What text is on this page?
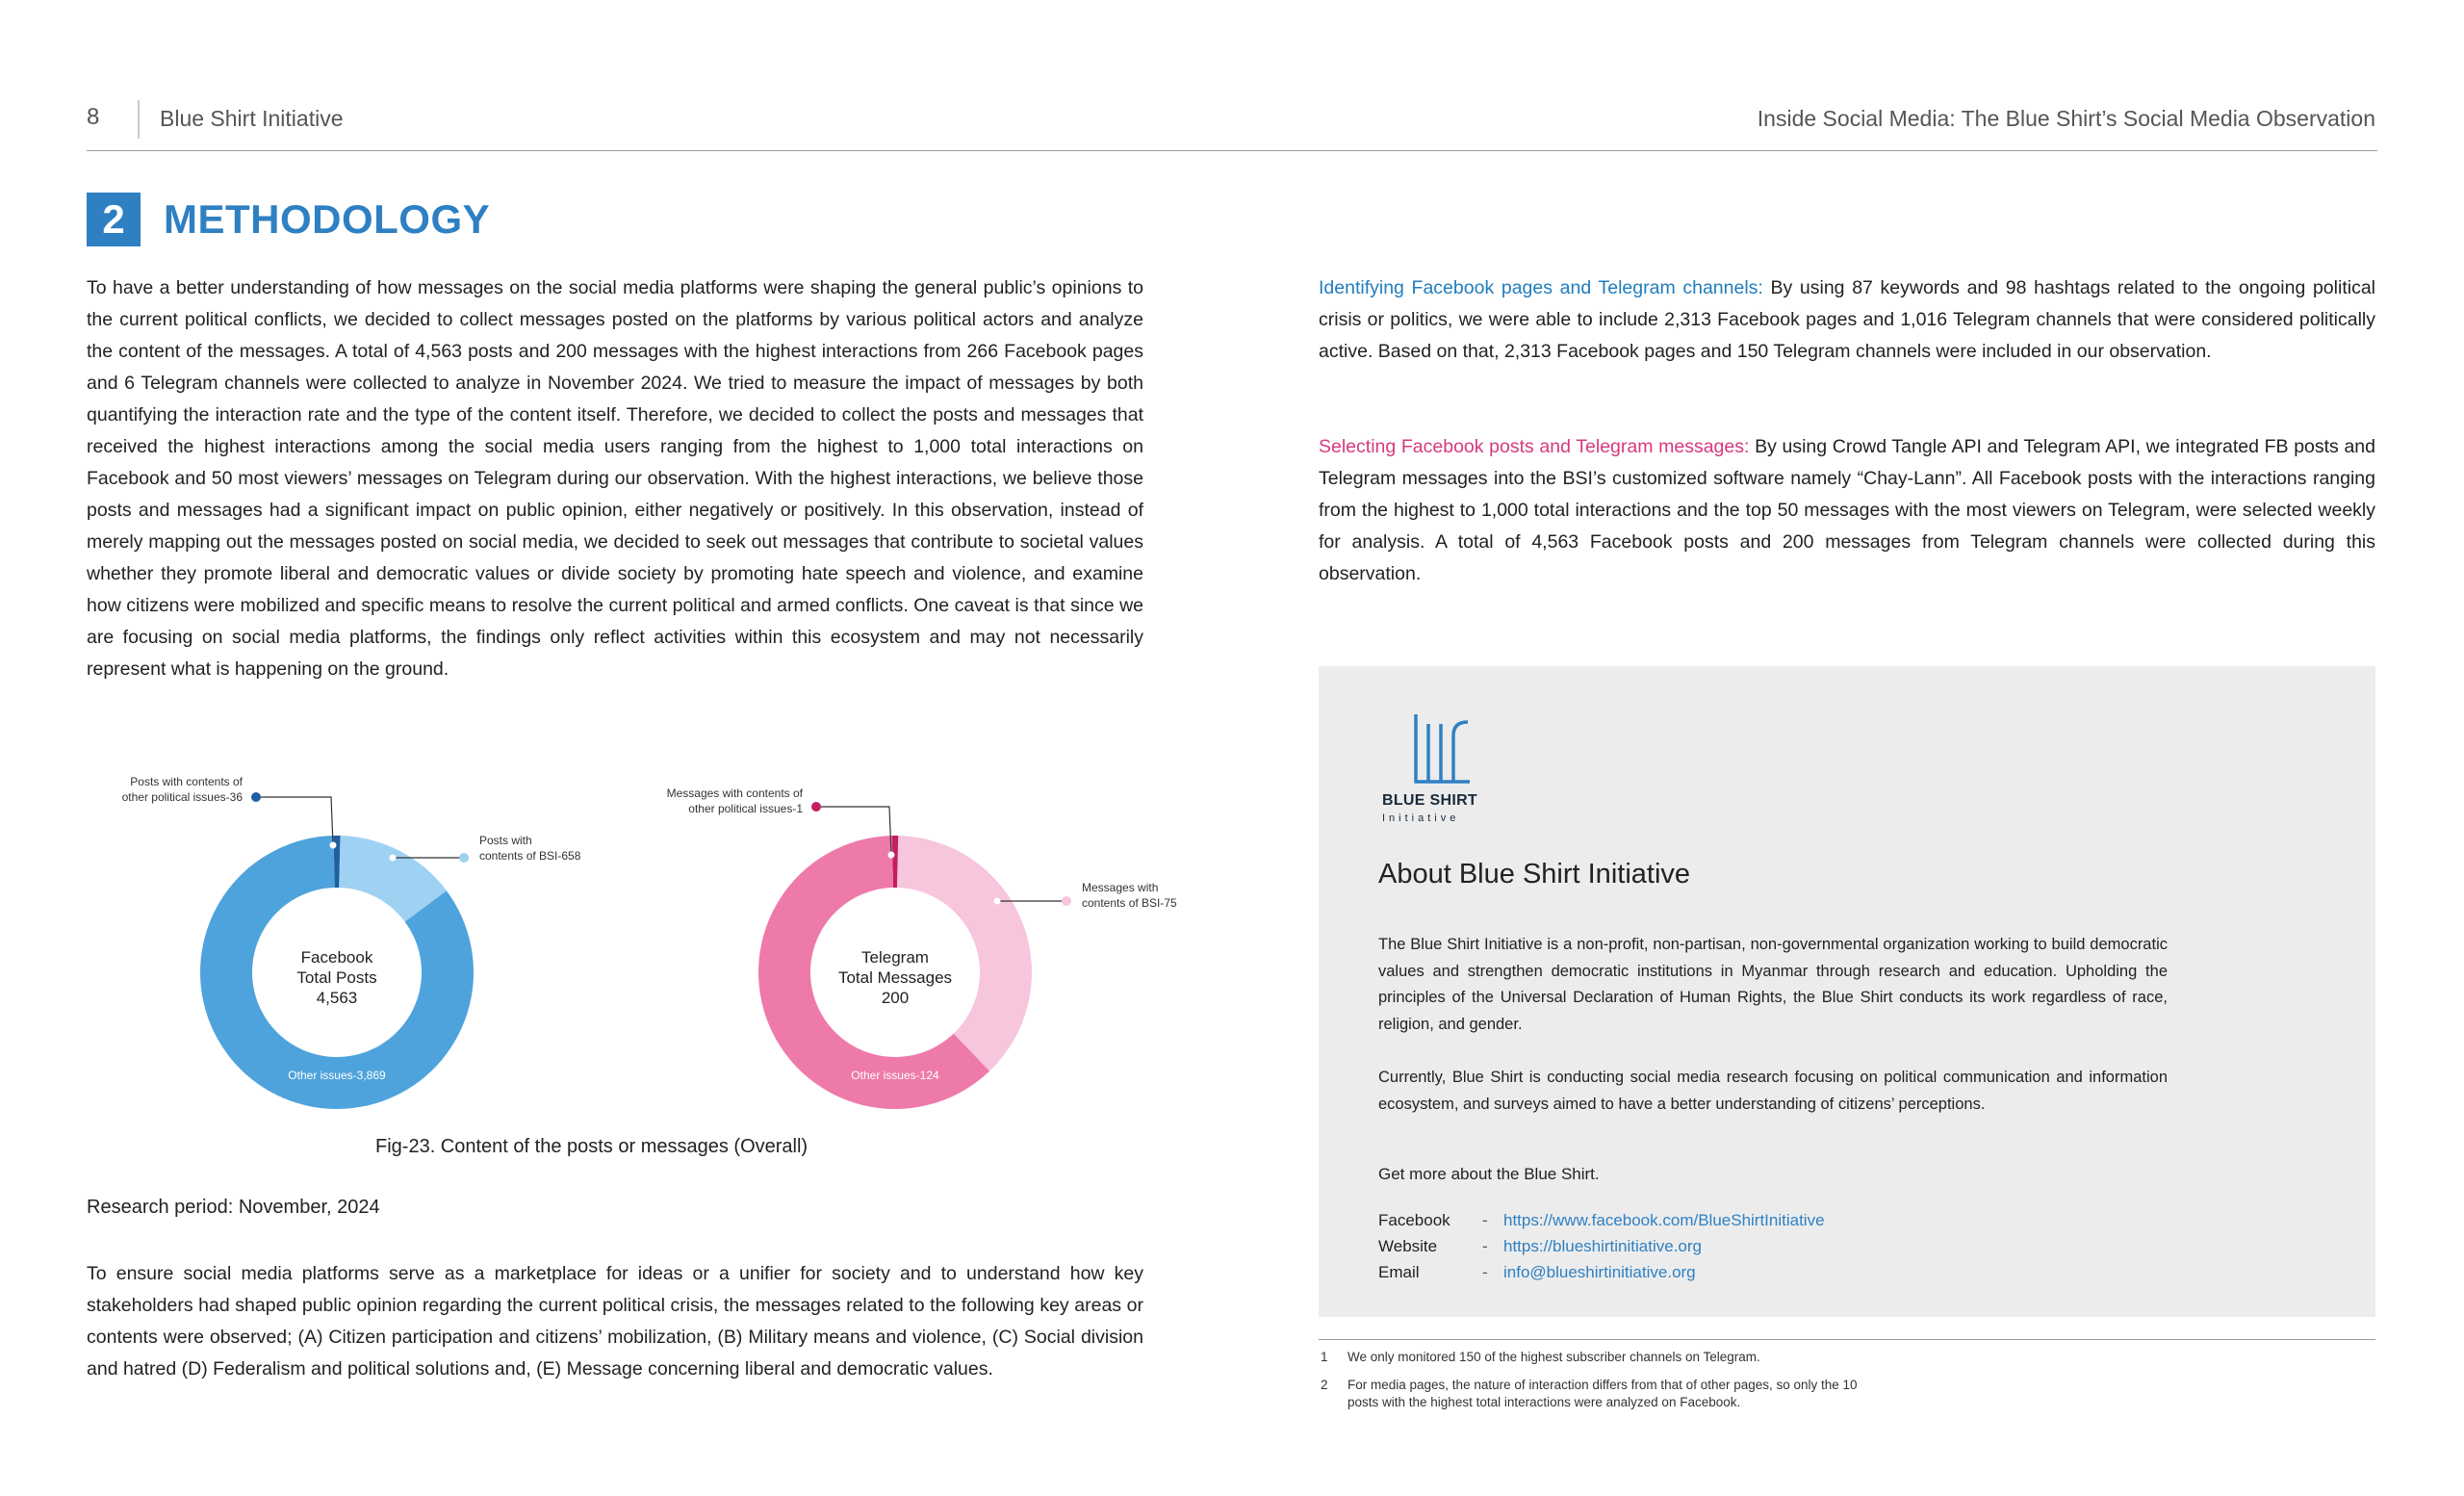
8	Blue Shirt Initiative	Inside Social Media: The Blue Shirt’s Social Media Observation
2 METHODOLOGY
To have a better understanding of how messages on the social media platforms were shaping the general public’s opinions to the current political conflicts, we decided to collect messages posted on the platforms by various political actors and analyze the content of the messages. A total of 4,563 posts and 200 messages with the highest interactions from 266 Facebook pages and 6 Telegram channels were collected to analyze in November 2024. We tried to measure the impact of messages by both quantifying the interaction rate and the type of the content itself. Therefore, we decided to collect the posts and messages that received the highest interactions among the social media users ranging from the highest to 1,000 total interactions on Facebook and 50 most viewers’ messages on Telegram during our observation. With the highest interactions, we believe those posts and messages had a significant impact on public opinion, either negatively or positively. In this observation, instead of merely mapping out the messages posted on social media, we decided to seek out messages that contribute to societal values whether they promote liberal and democratic values or divide society by promoting hate speech and violence, and examine how citizens were mobilized and specific means to resolve the current political and armed conflicts. One caveat is that since we are focusing on social media platforms, the findings only reflect activities within this ecosystem and may not necessarily represent what is happening on the ground.
Facebook
Total Posts
4,563
Other issues-3,869
Posts with contents of
other political issues-36
Posts with
contents of BSI-658
Telegram
Total Messages
200
Other issues-124
Messages with contents of
other political issues-1
Messages with
contents of BSI-75
Fig-23. Content of the posts or messages (Overall)
Research period: November, 2024
To ensure social media platforms serve as a marketplace for ideas or a unifier for society and to understand how key stakeholders had shaped public opinion regarding the current political crisis, the messages related to the following key areas or contents were observed; (A) Citizen participation and citizens’ mobilization, (B) Military means and violence, (C) Social division and hatred (D) Federalism and political solutions and, (E) Message concerning liberal and democratic values.
Identifying Facebook pages and Telegram channels: By using 87 keywords and 98 hashtags related to the ongoing political crisis or politics, we were able to include 2,313 Facebook pages and 1,016 Telegram channels that were considered politically active. Based on that, 2,313 Facebook pages and 150 Telegram channels were included in our observation.
Selecting Facebook posts and Telegram messages: By using Crowd Tangle API and Telegram API, we integrated FB posts and Telegram messages into the BSI’s customized software namely “Chay-Lann”. All Facebook posts with the interactions ranging from the highest to 1,000 total interactions and the top 50 messages with the most viewers on Telegram, were selected weekly for analysis. A total of 4,563 Facebook posts and 200 messages from Telegram channels were collected during this observation.
BLUE SHIRT
Initiative
About Blue Shirt Initiative
The Blue Shirt Initiative is a non-profit, non-partisan, non-governmental organization working to build democratic values and strengthen democratic institutions in Myanmar through research and education. Upholding the principles of the Universal Declaration of Human Rights, the Blue Shirt conducts its work regardless of race, religion, and gender.
Currently, Blue Shirt is conducting social media research focusing on political communication and information ecosystem, and surveys aimed to have a better understanding of citizens’ perceptions.
Get more about the Blue Shirt.
Facebook - https://www.facebook.com/BlueShirtInitiative
Website	- https://blueshirtinitiative.org
Email	- info@blueshirtinitiative.org
1 We only monitored 150 of the highest subscriber channels on Telegram.
2 For media pages, the nature of interaction differs from that of other pages, so only the 10 posts with the highest total interactions were analyzed on Facebook.
